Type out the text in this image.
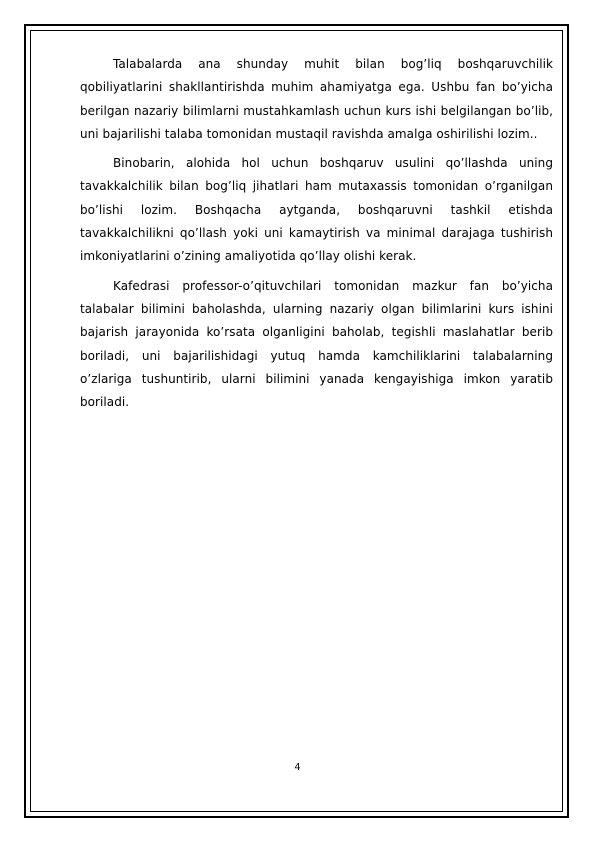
Talabalarda ana shunday muhit bilan bog’liq boshqaruvchilik qobiliyatlarini shakllantirishda muhim ahamiyatga ega. Ushbu fan bo’yicha berilgan nazariy bilimlarni mustahkamlash uchun kurs ishi belgilangan bo’lib, uni bajarilishi talaba tomonidan mustaqil ravishda amalga oshirilishi lozim..

Binobarin, alohida hol uchun boshqaruv usulini qo’llashda uning tavakkalchilik bilan bog’liq jihatlari ham mutaxassis tomonidan o’rganilgan bo’lishi lozim. Boshqacha aytganda, boshqaruvni tashkil etishda tavakkalchilikni qo’llash yoki uni kamaytirish va minimal darajaga tushirish imkoniyatlarini o’zining amaliyotida qo’llay olishi kerak.

Kafedrasi professor-o’qituvchilari tomonidan mazkur fan bo’yicha talabalar bilimini baholashda, ularning nazariy olgan bilimlarini kurs ishini bajarish jarayonida ko’rsata olganligini baholab, tegishli maslahatlar berib boriladi, uni bajarilishidagi yutuq hamda kamchiliklarini talabalarning o’zlariga tushuntirib, ularni bilimini yanada kengayishiga imkon yaratib boriladi.

4
